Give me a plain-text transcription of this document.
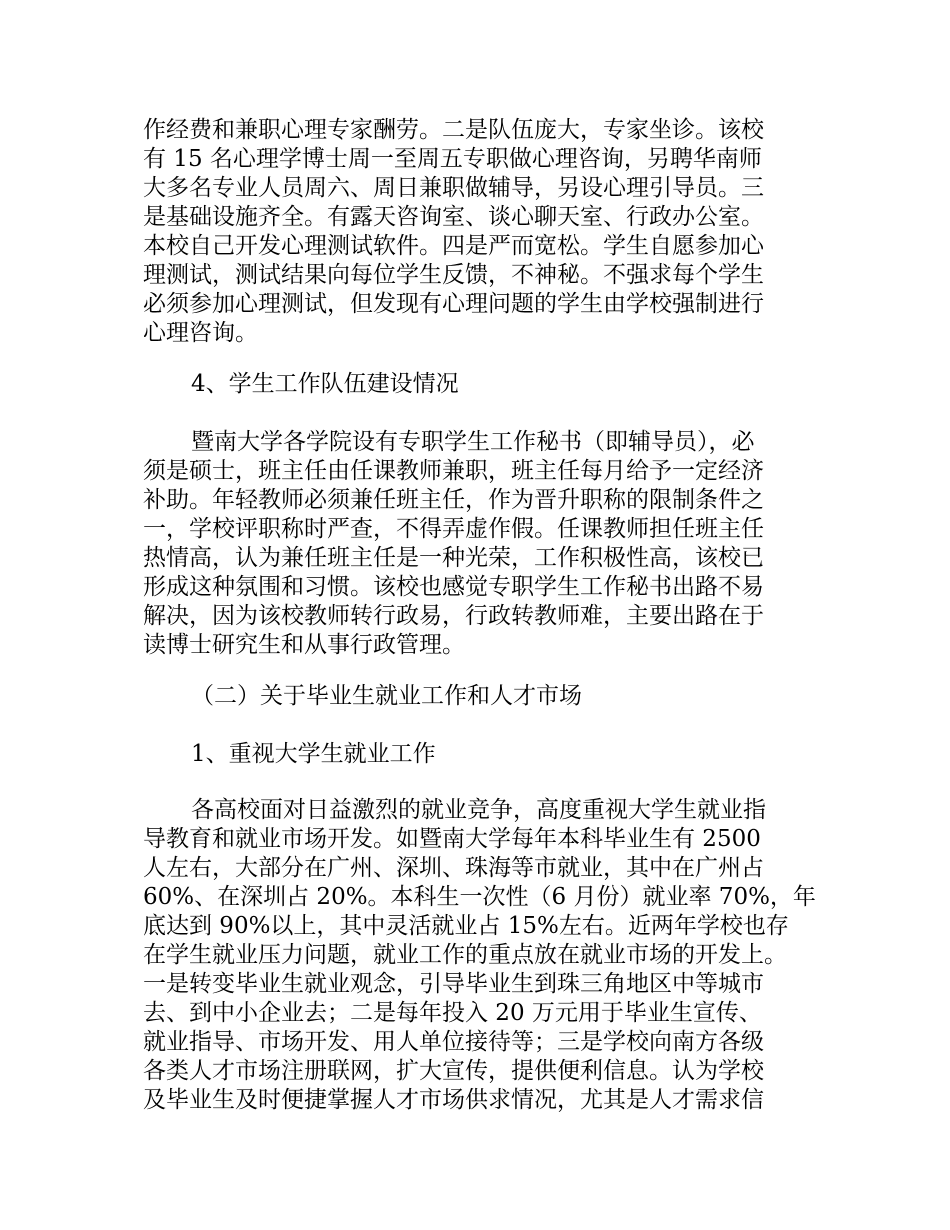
作经费和兼职心理专家酬劳。二是队伍庞大，专家坐诊。该校
有 15 名心理学博士周一至周五专职做心理咨询，另聘华南师
大多名专业人员周六、周日兼职做辅导，另设心理引导员。三
是基础设施齐全。有露天咨询室、谈心聊天室、行政办公室。
本校自己开发心理测试软件。四是严而宽松。学生自愿参加心
理测试，测试结果向每位学生反馈，不神秘。不强求每个学生
必须参加心理测试，但发现有心理问题的学生由学校强制进行
心理咨询。
4、学生工作队伍建设情况
暨南大学各学院设有专职学生工作秘书（即辅导员），必
须是硕士，班主任由任课教师兼职，班主任每月给予一定经济
补助。年轻教师必须兼任班主任，作为晋升职称的限制条件之
一，学校评职称时严查，不得弄虚作假。任课教师担任班主任
热情高，认为兼任班主任是一种光荣，工作积极性高，该校已
形成这种氛围和习惯。该校也感觉专职学生工作秘书出路不易
解决，因为该校教师转行政易，行政转教师难，主要出路在于
读博士研究生和从事行政管理。
（二）关于毕业生就业工作和人才市场
1、重视大学生就业工作
各高校面对日益激烈的就业竞争，高度重视大学生就业指
导教育和就业市场开发。如暨南大学每年本科毕业生有 2500
人左右，大部分在广州、深圳、珠海等市就业，其中在广州占
60%、在深圳占 20%。本科生一次性（6 月份）就业率 70%，年
底达到 90%以上，其中灵活就业占 15%左右。近两年学校也存
在学生就业压力问题，就业工作的重点放在就业市场的开发上。
一是转变毕业生就业观念，引导毕业生到珠三角地区中等城市
去、到中小企业去；二是每年投入 20 万元用于毕业生宣传、
就业指导、市场开发、用人单位接待等；三是学校向南方各级
各类人才市场注册联网，扩大宣传，提供便利信息。认为学校
及毕业生及时便捷掌握人才市场供求情况，尤其是人才需求信
